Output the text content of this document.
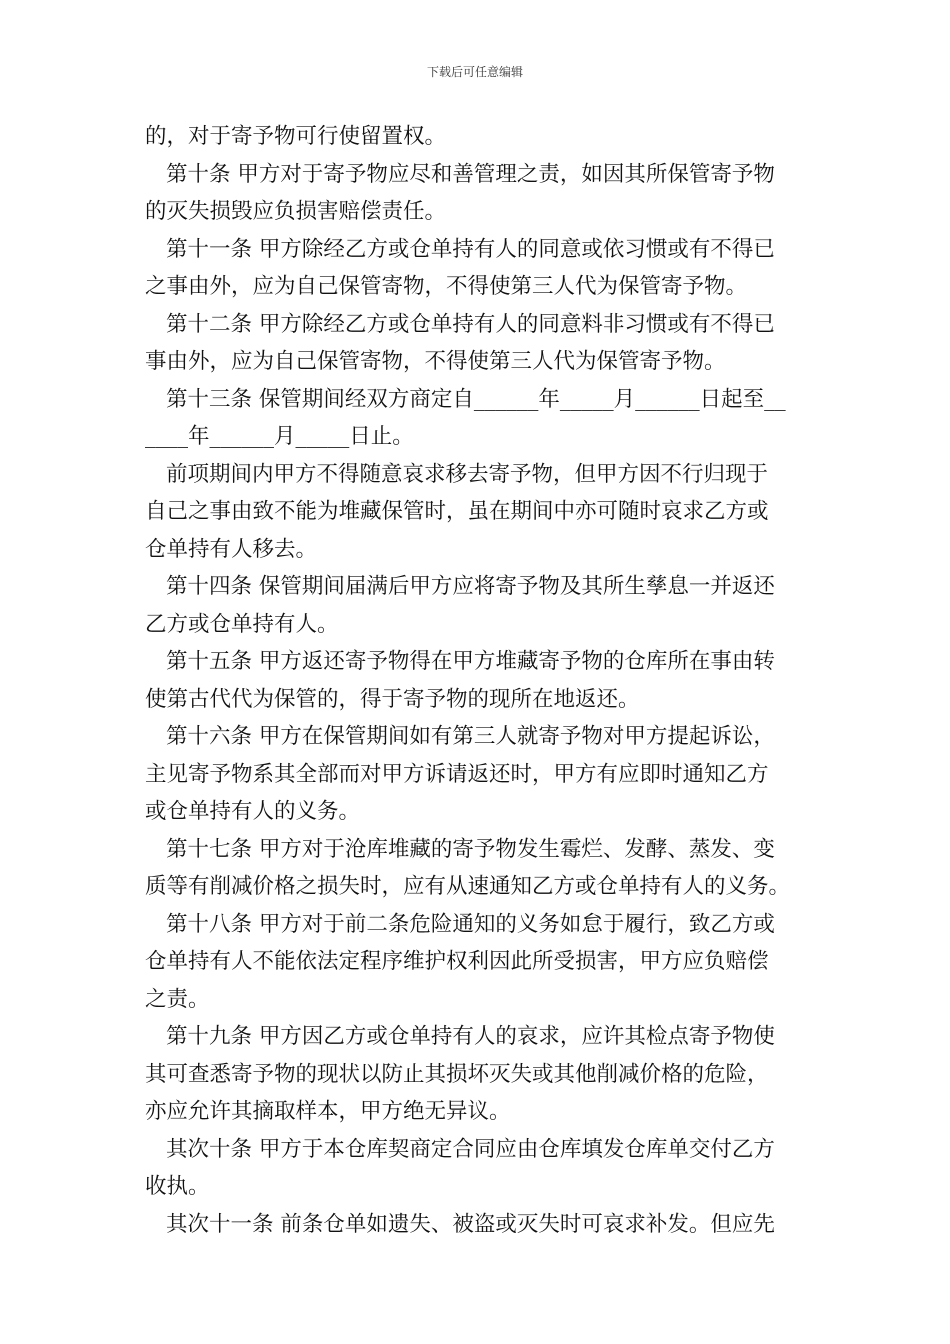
下载后可任意编辑
的，对于寄予物可行使留置权。
第十条 甲方对于寄予物应尽和善管理之责，如因其所保管寄予物
的灭失损毁应负损害赔偿责任。
第十一条 甲方除经乙方或仓单持有人的同意或依习惯或有不得已
之事由外，应为自己保管寄物，不得使第三人代为保管寄予物。
第十二条 甲方除经乙方或仓单持有人的同意料非习惯或有不得已
事由外，应为自己保管寄物，不得使第三人代为保管寄予物。
第十三条 保管期间经双方商定自______年_____月______日起至__
____年______月_____日止。
前项期间内甲方不得随意哀求移去寄予物，但甲方因不行归现于
自己之事由致不能为堆藏保管时，虽在期间中亦可随时哀求乙方或
仓单持有人移去。
第十四条 保管期间届满后甲方应将寄予物及其所生孳息一并返还
乙方或仓单持有人。
第十五条 甲方返还寄予物得在甲方堆藏寄予物的仓库所在事由转
使第古代代为保管的，得于寄予物的现所在地返还。
第十六条 甲方在保管期间如有第三人就寄予物对甲方提起诉讼，
主见寄予物系其全部而对甲方诉请返还时，甲方有应即时通知乙方
或仓单持有人的义务。
第十七条 甲方对于沧库堆藏的寄予物发生霉烂、发酵、蒸发、变
质等有削减价格之损失时，应有从速通知乙方或仓单持有人的义务。
第十八条 甲方对于前二条危险通知的义务如怠于履行，致乙方或
仓单持有人不能依法定程序维护权利因此所受损害，甲方应负赔偿
之责。
第十九条 甲方因乙方或仓单持有人的哀求，应许其检点寄予物使
其可查悉寄予物的现状以防止其损坏灭失或其他削减价格的危险，
亦应允许其摘取样本，甲方绝无异议。
其次十条 甲方于本仓库契商定合同应由仓库填发仓库单交付乙方
收执。
其次十一条 前条仓单如遗失、被盗或灭失时可哀求补发。但应先
